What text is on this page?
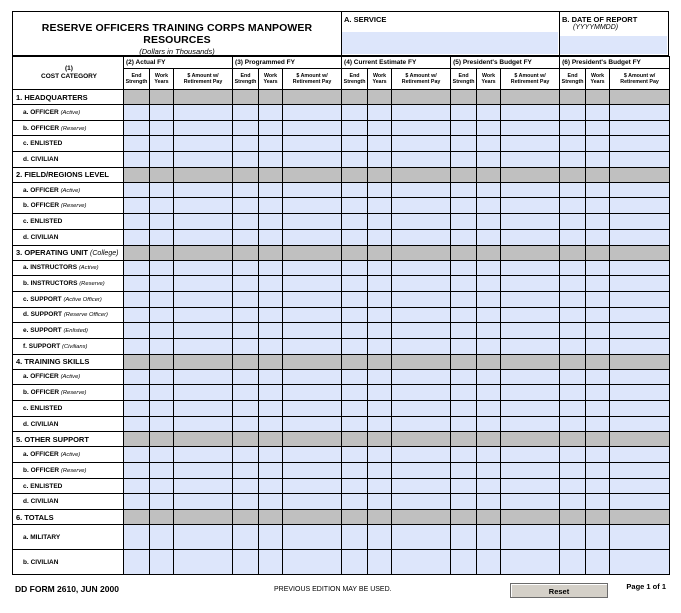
RESERVE OFFICERS TRAINING CORPS MANPOWER RESOURCES
(Dollars in Thousands)
A. SERVICE	B. DATE OF REPORT
(YYYYMMDD)
(1)
COST CATEGORY	(2) Actual FY			(3) Programmed FY			(4) Current Estimate FY			(5) President's Budget FY			(6) President's Budget FY		
	End Strength	Work Years	$ Amount w/ Retirement Pay	End Strength	Work Years	$ Amount w/ Retirement Pay	End Strength	Work Years	$ Amount w/ Retirement Pay	End Strength	Work Years	$ Amount w/ Retirement Pay	End Strength	Work Years	$ Amount w/ Retirement Pay
1. HEADQUARTERS															
a. OFFICER (Active)															
b. OFFICER (Reserve)															
c. ENLISTED															
d. CIVILIAN															
2. FIELD/REGIONS LEVEL															
a. OFFICER (Active)															
b. OFFICER (Reserve)															
c. ENLISTED															
d. CIVILIAN															
3. OPERATING UNIT (College)															
a. INSTRUCTORS (Active)															
b. INSTRUCTORS (Reserve)															
c. SUPPORT (Active Officer)															
d. SUPPORT (Reserve Officer)															
e. SUPPORT (Enlisted)															
f. SUPPORT (Civilians)															
4. TRAINING SKILLS															
a. OFFICER (Active)															
b. OFFICER (Reserve)															
c. ENLISTED															
d. CIVILIAN															
5. OTHER SUPPORT															
a. OFFICER (Active)															
b. OFFICER (Reserve)															
c. ENLISTED															
d. CIVILIAN															
6. TOTALS															
a. MILITARY															
b. CIVILIAN															
DD FORM 2610, JUN 2000	PREVIOUS EDITION MAY BE USED.	Reset
Page 1 of 1
